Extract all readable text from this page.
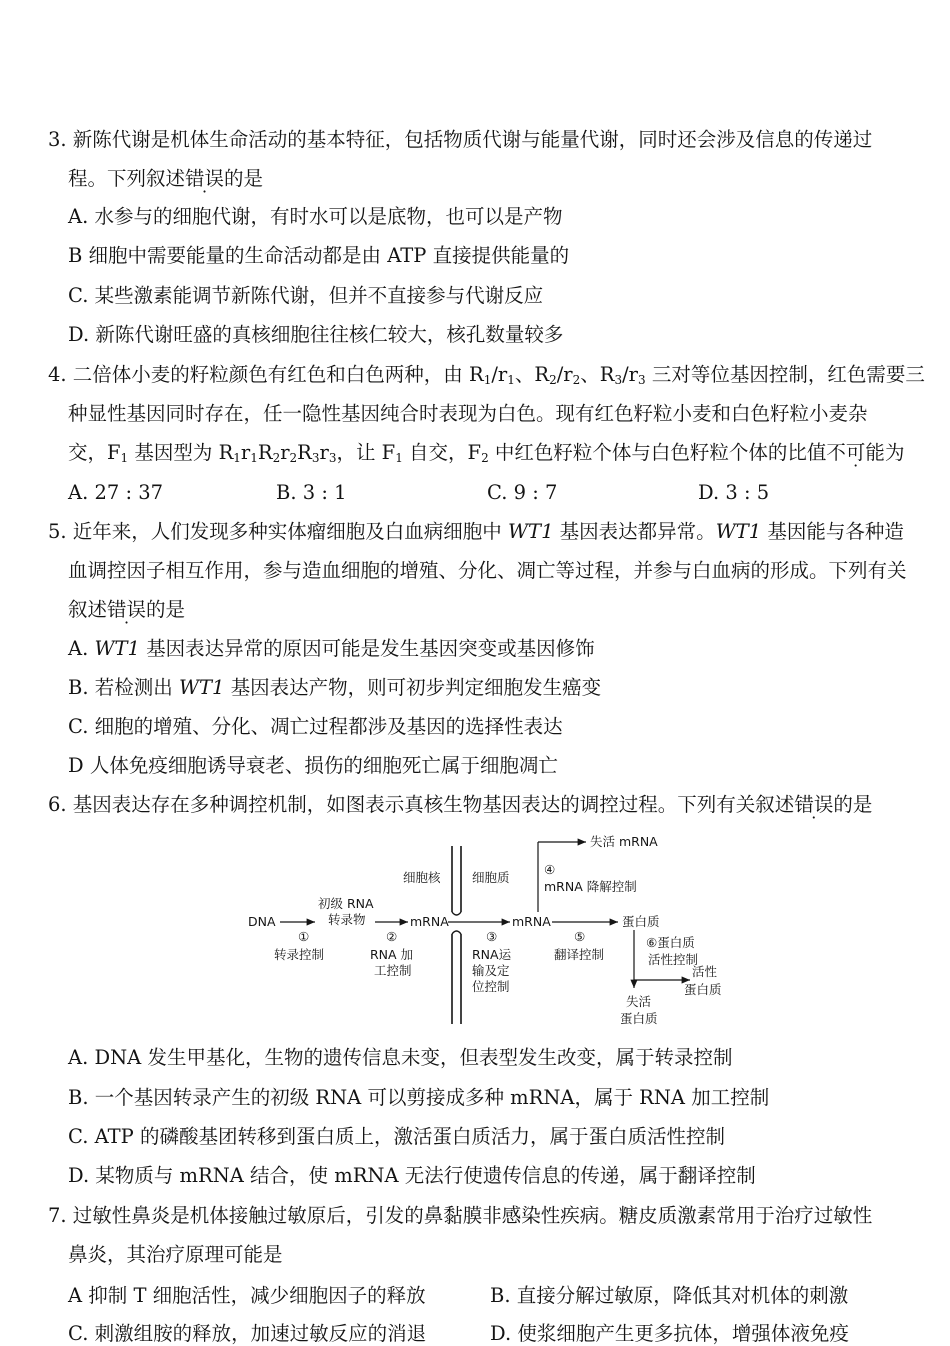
3. 新陈代谢是机体生命活动的基本特征，包括物质代谢与能量代谢，同时还会涉及信息的传递过
程。下列叙述错误的是
A. 水参与的细胞代谢，有时水可以是底物，也可以是产物
B 细胞中需要能量的生命活动都是由 ATP 直接提供能量的
C. 某些激素能调节新陈代谢，但并不直接参与代谢反应
D. 新陈代谢旺盛的真核细胞往往核仁较大，核孔数量较多
4. 二倍体小麦的籽粒颜色有红色和白色两种，由 $R_1/r_1$、$R_2/r_2$、$R_3/r_3$ 三对等位基因控制，红色需要三
种显性基因同时存在，任一隐性基因纯合时表现为白色。现有红色籽粒小麦和白色籽粒小麦杂
交，$F_1$ 基因型为 $R_1r_1R_2r_2R_3r_3$，让 $F_1$ 自交，$F_2$ 中红色籽粒个体与白色籽粒个体的比值不可能为
A. 27 : 37	B. 3 : 1	C. 9 : 7	D. 3 : 5
5. 近年来，人们发现多种实体瘤细胞及白血病细胞中 WT1 基因表达都异常。WT1 基因能与各种造
血调控因子相互作用，参与造血细胞的增殖、分化、凋亡等过程，并参与白血病的形成。下列有关
叙述错误的是
A. WT1 基因表达异常的原因可能是发生基因突变或基因修饰
B. 若检测出 WT1 基因表达产物，则可初步判定细胞发生癌变
C. 细胞的增殖、分化、凋亡过程都涉及基因的选择性表达
D 人体免疫细胞诱导衰老、损伤的细胞死亡属于细胞凋亡
6. 基因表达存在多种调控机制，如图表示真核生物基因表达的调控过程。下列有关叙述错误的是
细胞核	细胞质
DNA
初级 RNA
转录物	mRNA	mRNA	蛋白质
①
转录控制
②
RNA 加
工控制
③
RNA运
输及定
位控制
⑤
翻译控制
失活 mRNA
④
mRNA 降解控制
⑥蛋白质
活性控制
活性
蛋白质
失活
蛋白质
A. DNA 发生甲基化，生物的遗传信息未变，但表型发生改变，属于转录控制
B. 一个基因转录产生的初级 RNA 可以剪接成多种 mRNA，属于 RNA 加工控制
C. ATP 的磷酸基团转移到蛋白质上，激活蛋白质活力，属于蛋白质活性控制
D. 某物质与 mRNA 结合，使 mRNA 无法行使遗传信息的传递，属于翻译控制
7. 过敏性鼻炎是机体接触过敏原后，引发的鼻黏膜非感染性疾病。糖皮质激素常用于治疗过敏性
鼻炎，其治疗原理可能是
A 抑制 T 细胞活性，减少细胞因子的释放	B. 直接分解过敏原，降低其对机体的刺激
C. 刺激组胺的释放，加速过敏反应的消退	D. 使浆细胞产生更多抗体，增强体液免疫
